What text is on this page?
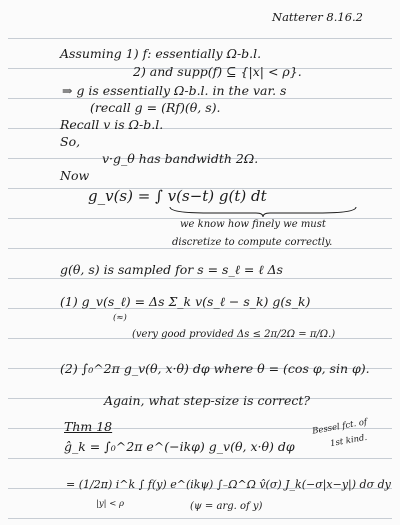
Natterer 8.16.2
Assuming 1) f: essentially Ω-b.l.
2) and supp(f) ⊆ {|x| < ρ}.
⇒ g is essentially Ω-b.l. in the var. s
(recall g = (Rf)(θ, s).
Recall v is Ω-b.l.
So,
v·g_θ has bandwidth 2Ω.
Now
g_v(s) = ∫ v(s−t) g(t) dt
we know how finely we must
discretize to compute correctly.
g(θ, s) is sampled for s = s_ℓ = ℓ Δs
(1) g_v(s_ℓ) = Δs Σ_k v(s_ℓ − s_k) g(s_k)
(≈)
(very good provided Δs ≤ 2π/2Ω = π/Ω.)
(2) ∫₀^2π g_v(θ, x·θ) dφ where θ = (cos φ, sin φ).
Again, what step-size is correct?
Thm 18
ĝ_k = ∫₀^2π e^(−ikφ) g_v(θ, x·θ) dφ
Bessel fct. of
1st kind.
= (1/2π) i^k ∫ f(y) e^(ikψ) ∫₋Ω^Ω v̂(σ) J_k(−σ|x−y|) dσ dy
|y| < ρ	(ψ = arg. of y)
